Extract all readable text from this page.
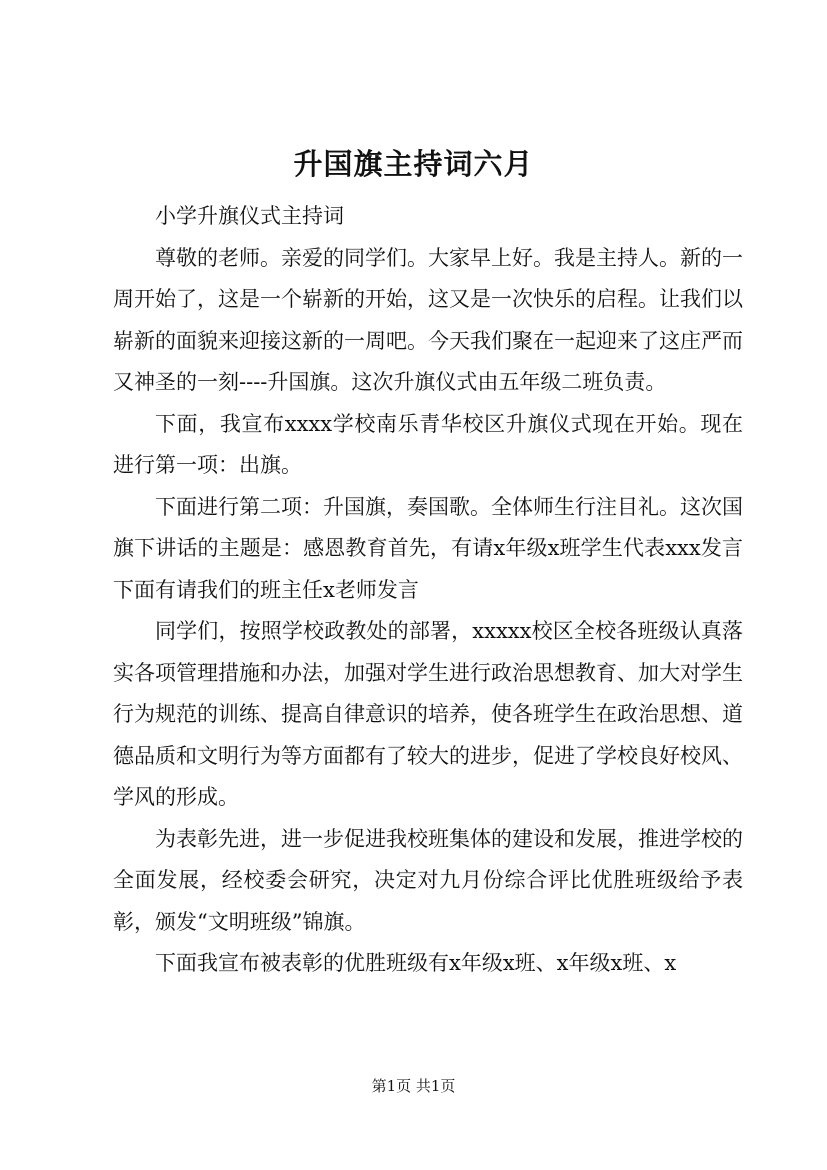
升国旗主持词六月

小学升旗仪式主持词

尊敬的老师。亲爱的同学们。大家早上好。我是主持人。新的一周开始了，这是一个崭新的开始，这又是一次快乐的启程。让我们以崭新的面貌来迎接这新的一周吧。今天我们聚在一起迎来了这庄严而又神圣的一刻----升国旗。这次升旗仪式由五年级二班负责。

下面，我宣布xxxx学校南乐青华校区升旗仪式现在开始。现在进行第一项：出旗。

下面进行第二项：升国旗，奏国歌。全体师生行注目礼。这次国旗下讲话的主题是：感恩教育首先，有请x年级x班学生代表xxx发言下面有请我们的班主任x老师发言

同学们，按照学校政教处的部署，xxxxx校区全校各班级认真落实各项管理措施和办法，加强对学生进行政治思想教育、加大对学生行为规范的训练、提高自律意识的培养，使各班学生在政治思想、道德品质和文明行为等方面都有了较大的进步，促进了学校良好校风、学风的形成。

为表彰先进，进一步促进我校班集体的建设和发展，推进学校的全面发展，经校委会研究，决定对九月份综合评比优胜班级给予表彰，颁发“文明班级”锦旗。

下面我宣布被表彰的优胜班级有x年级x班、x年级x班、x

第1页 共1页
